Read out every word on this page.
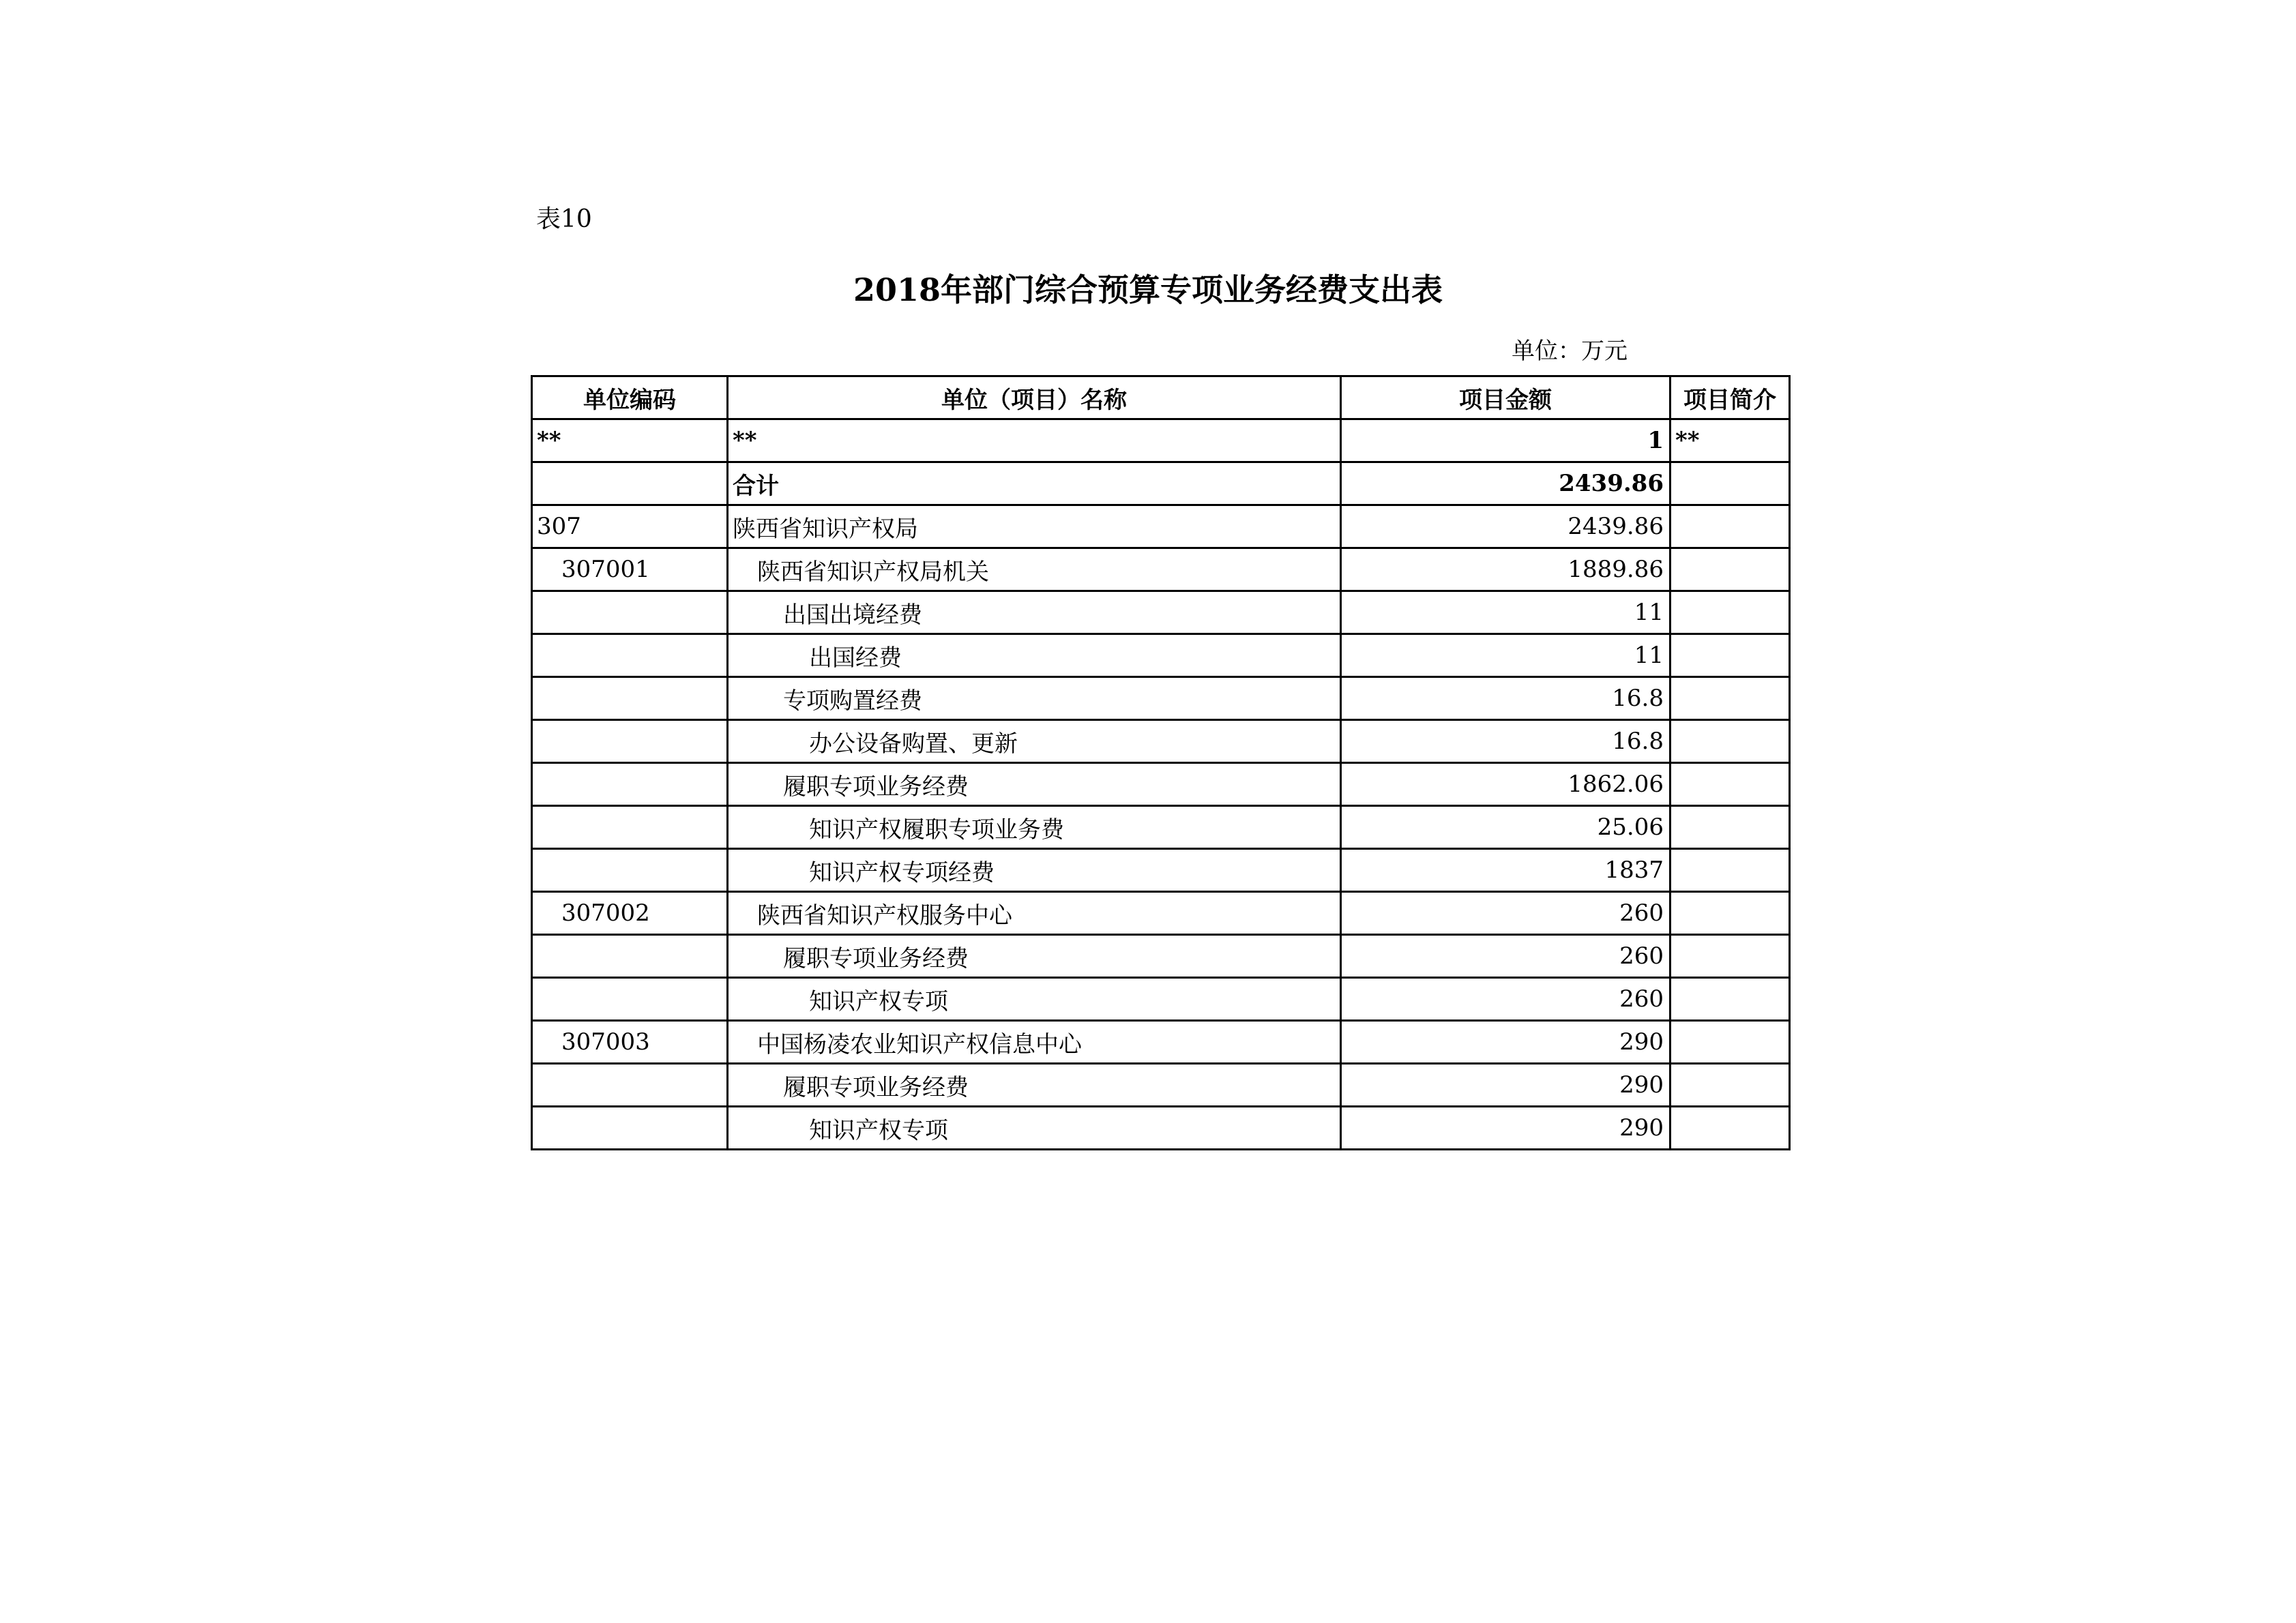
表10
2018年部门综合预算专项业务经费支出表
单位：万元
单位编码	单位（项目）名称	项目金额	项目简介
**	**	1	**
	合计	2439.86	
307	陕西省知识产权局	2439.86	
307001	陕西省知识产权局机关	1889.86	
	出国出境经费	11	
	出国经费	11	
	专项购置经费	16.8	
	办公设备购置、更新	16.8	
	履职专项业务经费	1862.06	
	知识产权履职专项业务费	25.06	
	知识产权专项经费	1837	
307002	陕西省知识产权服务中心	260	
	履职专项业务经费	260	
	知识产权专项	260	
307003	中国杨凌农业知识产权信息中心	290	
	履职专项业务经费	290	
	知识产权专项	290	
